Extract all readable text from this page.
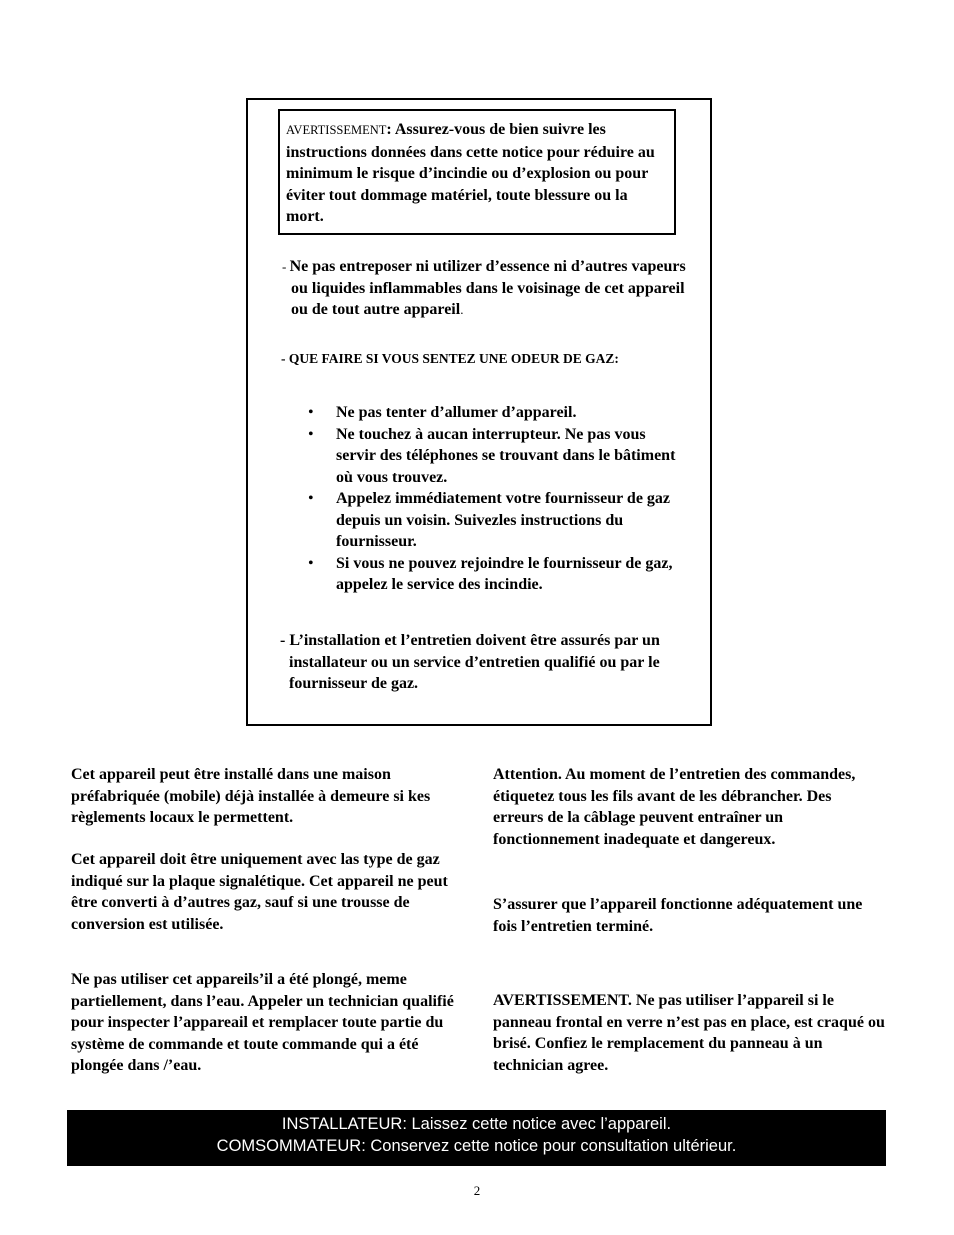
AVERTISSEMENT: Assurez-vous de bien suivre les instructions données dans cette notice pour réduire au minimum le risque d’incindie ou d’explosion ou pour éviter tout dommage matériel, toute blessure ou la mort.
- Ne pas entreposer ni utilizer d’essence ni d’autres vapeurs ou liquides inflammables dans le voisinage de cet appareil ou de tout autre appareil.
- QUE FAIRE SI VOUS SENTEZ UNE ODEUR DE GAZ:
• Ne pas tenter d’allumer d’appareil.
• Ne touchez à aucan interrupteur. Ne pas vous servir des téléphones se trouvant dans le bâtiment où vous trouvez.
• Appelez immédiatement votre fournisseur de gaz depuis un voisin. Suivezles instructions du fournisseur.
• Si vous ne pouvez rejoindre le fournisseur de gaz, appelez le service des incindie.
- L’installation et l’entretien doivent être assurés par un installateur ou un service d’entretien qualifié ou par le fournisseur de gaz.
Cet appareil peut être installé dans une maison préfabriquée (mobile) déjà installée à demeure si kes règlements locaux le permettent.
Cet appareil doit être uniquement avec las type de gaz indiqué sur la plaque signalétique. Cet appareil ne peut être converti à d’autres gaz, sauf si une trousse de conversion est utilisée.
Ne pas utiliser cet appareils’il a été plongé, meme partiellement, dans l’eau. Appeler un technician qualifié pour inspecter l’appareail et remplacer toute partie du système de commande et toute commande qui a été plongée dans /’eau.
Attention. Au moment de l’entretien des commandes, étiquetez tous les fils avant de les débrancher. Des erreurs de la câblage peuvent entraîner un fonctionnement inadequate et dangereux.
S’assurer que l’appareil fonctionne adéquatement une fois l’entretien terminé.
AVERTISSEMENT. Ne pas utiliser l’appareil si le panneau frontal en verre n’est pas en place, est craqué ou brisé. Confiez le remplacement du panneau à un technician agree.
INSTALLATEUR: Laissez cette notice avec l’appareil.
COMSOMMATEUR: Conservez cette notice pour consultation ultérieur.
2
